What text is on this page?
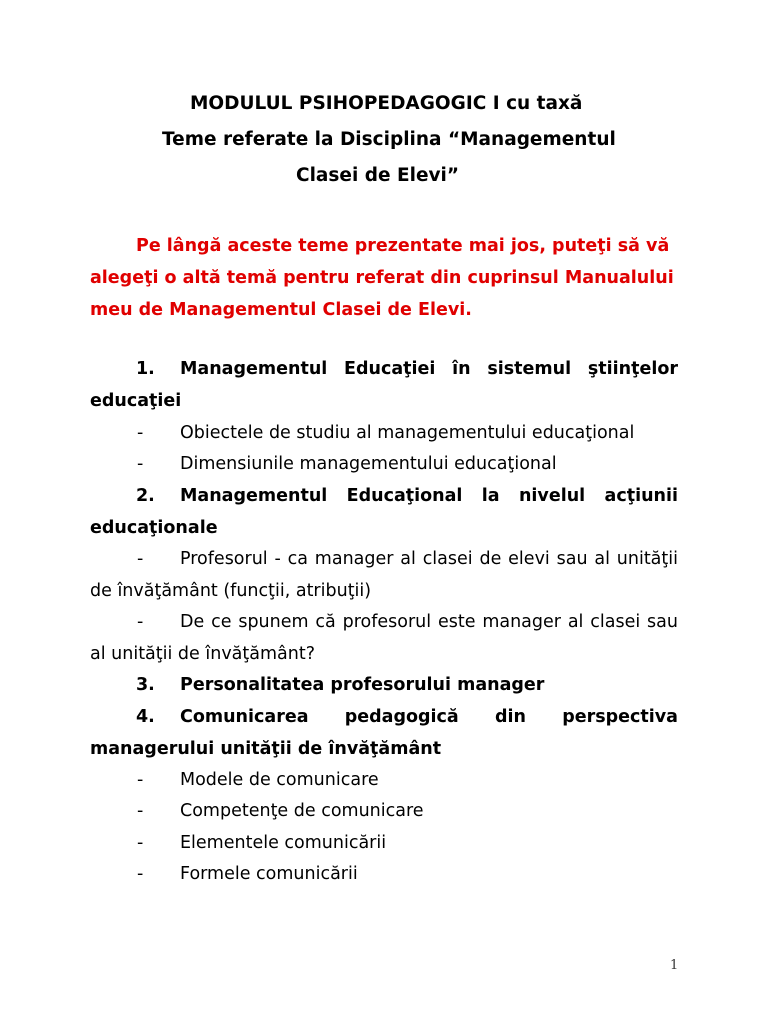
MODULUL PSIHOPEDAGOGIC I cu taxă
Teme referate la Disciplina “Managementul
Clasei de Elevi”

Pe lângă aceste teme prezentate mai jos, puteţi să vă alegeţi o altă temă pentru referat din cuprinsul Manualului meu de Managementul Clasei de Elevi.

1.	Managementul Educaţiei în sistemul ştiinţelor educaţiei
-	Obiectele de studiu al managementului educaţional
-	Dimensiunile managementului educaţional
2.	Managementul Educaţional la nivelul acţiunii educaţionale
-	Profesorul - ca manager al clasei de elevi sau al unităţii de învăţământ (funcţii, atribuţii)
-	De ce spunem că profesorul este manager al clasei sau al unităţii de învăţământ?
3.	Personalitatea profesorului manager
4.	Comunicarea pedagogică din perspectiva managerului unităţii de învăţământ
-	Modele de comunicare
-	Competenţe de comunicare
-	Elementele comunicării
-	Formele comunicării
1
